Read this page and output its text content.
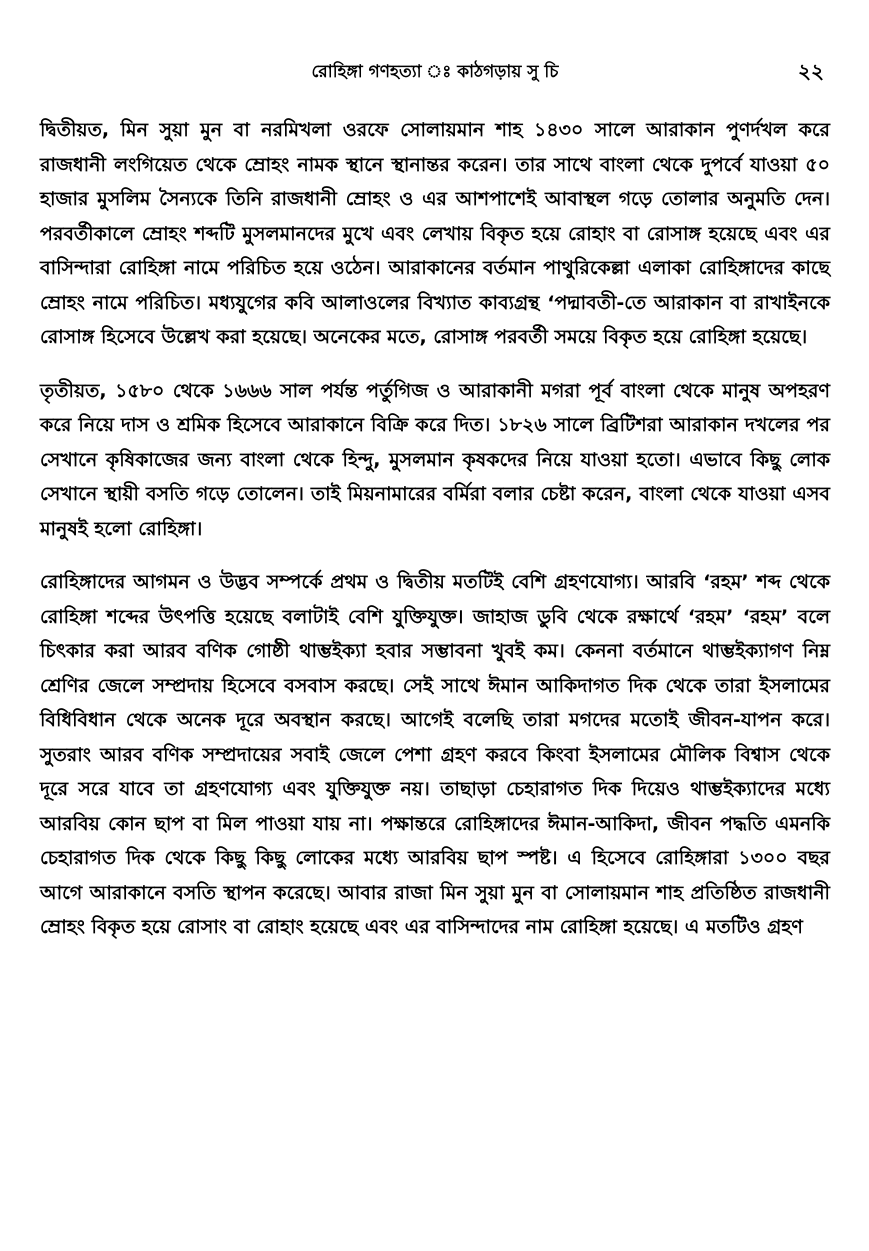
রোহিঙ্গা গণহত্যা ঃ কাঠগড়ায় সু চি	২২

দ্বিতীয়ত, মিন সুয়া মুন বা নরমিখলা ওরফে সোলায়মান শাহ ১৪৩০ সালে আরাকান পুণর্দখল করে রাজধানী লংগিয়েত থেকে ম্রোহং নামক স্থানে স্থানান্তর করেন। তার সাথে বাংলা থেকে দুপর্বে যাওয়া ৫০ হাজার মুসলিম সৈন্যকে তিনি রাজধানী ম্রোহং ও এর আশপাশেই আবাস্থল গড়ে তোলার অনুমতি দেন। পরবর্তীকালে ম্রোহং শব্দটি মুসলমানদের মুখে এবং লেখায় বিকৃত হয়ে রোহাং বা রোসাঙ্গ হয়েছে এবং এর বাসিন্দারা রোহিঙ্গা নামে পরিচিত হয়ে ওঠেন। আরাকানের বর্তমান পাথুরিকেল্লা এলাকা রোহিঙ্গাদের কাছে ম্রোহং নামে পরিচিত। মধ্যযুগের কবি আলাওলের বিখ্যাত কাব্যগ্রন্থ ‘পদ্মাবতী-তে আরাকান বা রাখাইনকে রোসাঙ্গ হিসেবে উল্লেখ করা হয়েছে। অনেকের মতে, রোসাঙ্গ পরবর্তী সময়ে বিকৃত হয়ে রোহিঙ্গা হয়েছে।

তৃতীয়ত, ১৫৮০ থেকে ১৬৬৬ সাল পর্যন্ত পর্তুগিজ ও আরাকানী মগরা পূর্ব বাংলা থেকে মানুষ অপহরণ করে নিয়ে দাস ও শ্রমিক হিসেবে আরাকানে বিক্রি করে দিত। ১৮২৬ সালে ব্রিটিশরা আরাকান দখলের পর সেখানে কৃষিকাজের জন্য বাংলা থেকে হিন্দু, মুসলমান কৃষকদের নিয়ে যাওয়া হতো। এভাবে কিছু লোক সেখানে স্থায়ী বসতি গড়ে তোলেন। তাই মিয়নামারের বর্মিরা বলার চেষ্টা করেন, বাংলা থেকে যাওয়া এসব মানুষই হলো রোহিঙ্গা।

রোহিঙ্গাদের আগমন ও উদ্ভব সম্পর্কে প্রথম ও দ্বিতীয় মতটিই বেশি গ্রহণযোগ্য। আরবি ‘রহম’ শব্দ থেকে রোহিঙ্গা শব্দের উৎপত্তি হয়েছে বলাটাই বেশি যুক্তিযুক্ত। জাহাজ ডুবি থেকে রক্ষার্থে ‘রহম’ ‘রহম’ বলে চিৎকার করা আরব বণিক গোষ্ঠী থাম্ভইক্যা হবার সম্ভাবনা খুবই কম। কেননা বর্তমানে থাম্ভইক্যাগণ নিম্ন শ্রেণির জেলে সম্প্রদায় হিসেবে বসবাস করছে। সেই সাথে ঈমান আকিদাগত দিক থেকে তারা ইসলামের বিধিবিধান থেকে অনেক দূরে অবস্থান করছে। আগেই বলেছি তারা মগদের মতোই জীবন-যাপন করে। সুতরাং আরব বণিক সম্প্রদায়ের সবাই জেলে পেশা গ্রহণ করবে কিংবা ইসলামের মৌলিক বিশ্বাস থেকে দূরে সরে যাবে তা গ্রহণযোগ্য এবং যুক্তিযুক্ত নয়। তাছাড়া চেহারাগত দিক দিয়েও থাম্ভইক্যাদের মধ্যে আরবিয় কোন ছাপ বা মিল পাওয়া যায় না। পক্ষান্তরে রোহিঙ্গাদের ঈমান-আকিদা, জীবন পদ্ধতি এমনকি চেহারাগত দিক থেকে কিছু কিছু লোকের মধ্যে আরবিয় ছাপ স্পষ্ট। এ হিসেবে রোহিঙ্গারা ১৩০০ বছর আগে আরাকানে বসতি স্থাপন করেছে। আবার রাজা মিন সুয়া মুন বা সোলায়মান শাহ প্রতিষ্ঠিত রাজধানী ম্রোহং বিকৃত হয়ে রোসাং বা রোহাং হয়েছে এবং এর বাসিন্দাদের নাম রোহিঙ্গা হয়েছে। এ মতটিও গ্রহণ
